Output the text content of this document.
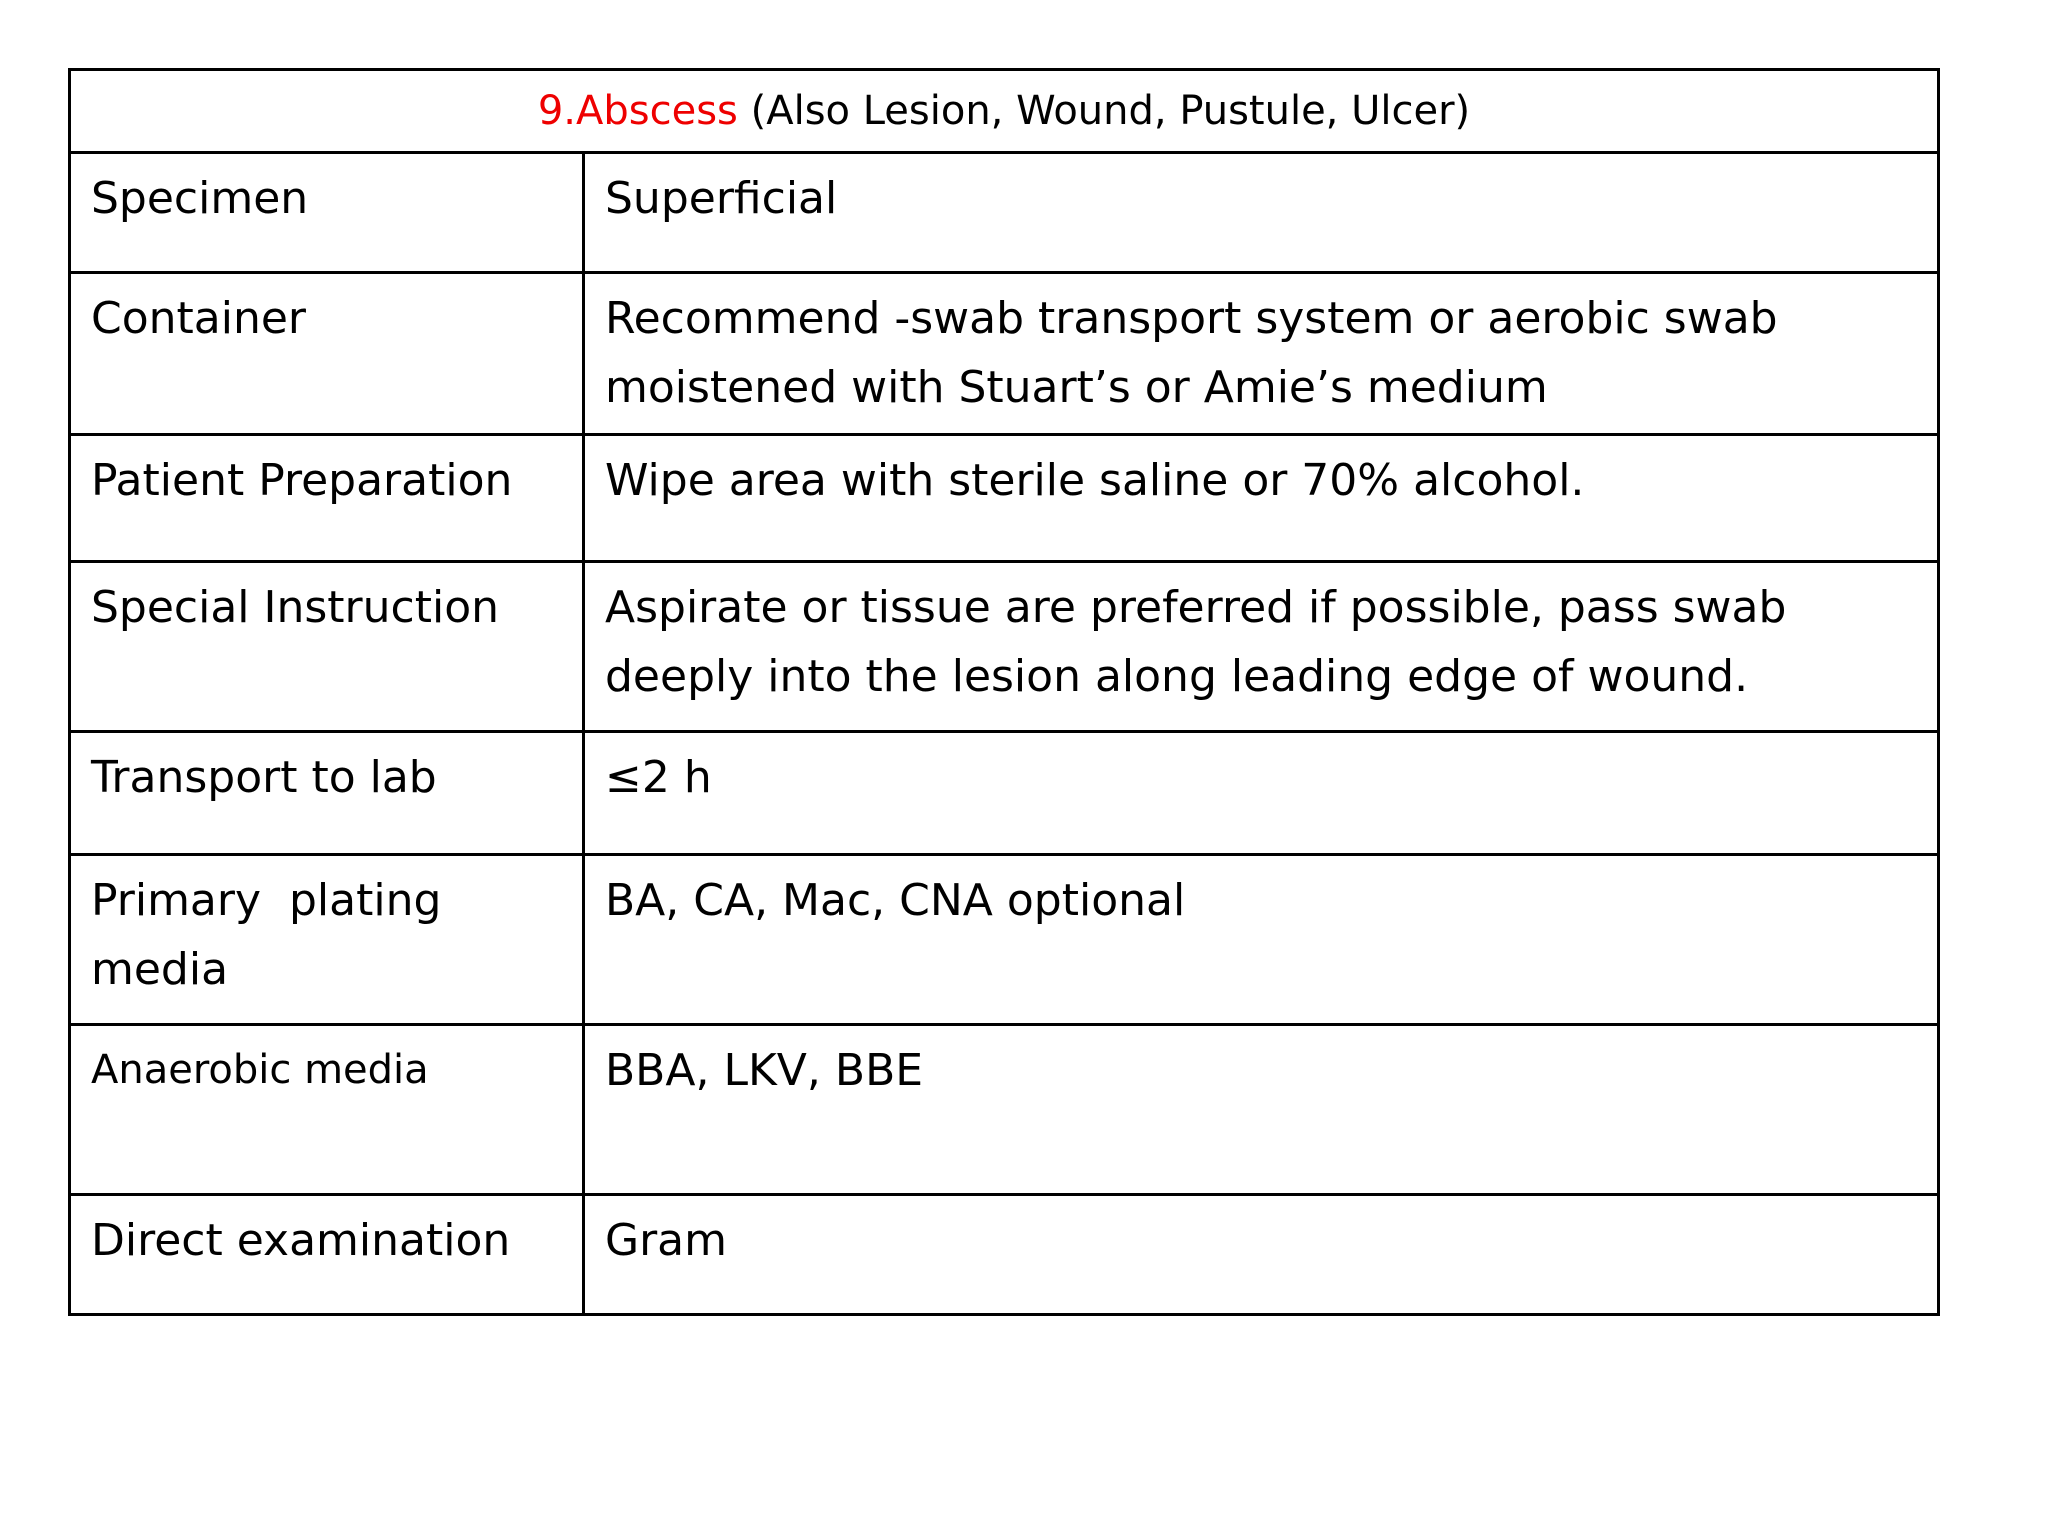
9.Abscess (Also Lesion, Wound, Pustule, Ulcer)	
Specimen	Superficial
Container	Recommend -swab transport system or aerobic swab moistened with Stuart’s or Amie’s medium
Patient Preparation	Wipe area with sterile saline or 70% alcohol.
Special Instruction	Aspirate or tissue are preferred if possible, pass swab deeply into the lesion along leading edge of wound.
Transport to lab	≤2 h
Primary  plating media	BA, CA, Mac, CNA optional
Anaerobic media	BBA, LKV, BBE
Direct examination	Gram
